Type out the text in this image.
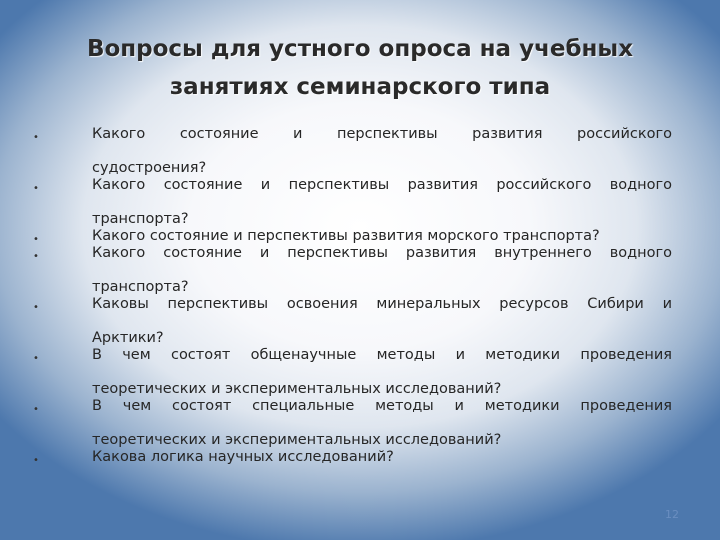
Вопросы для устного опроса на учебных
занятиях семинарского типа
•	Какого состояние и перспективы развития российского
судостроения?
•	Какого состояние и перспективы развития российского водного
транспорта?
•	Какого состояние и перспективы развития морского транспорта?
•	Какого состояние и перспективы развития внутреннего водного
транспорта?
•	Каковы перспективы освоения минеральных ресурсов Сибири и
Арктики?
•	В чем состоят общенаучные методы и методики проведения
теоретических и экспериментальных исследований?
•	В чем состоят специальные методы и методики проведения
теоретических и экспериментальных исследований?
•	Какова логика научных исследований?
12
